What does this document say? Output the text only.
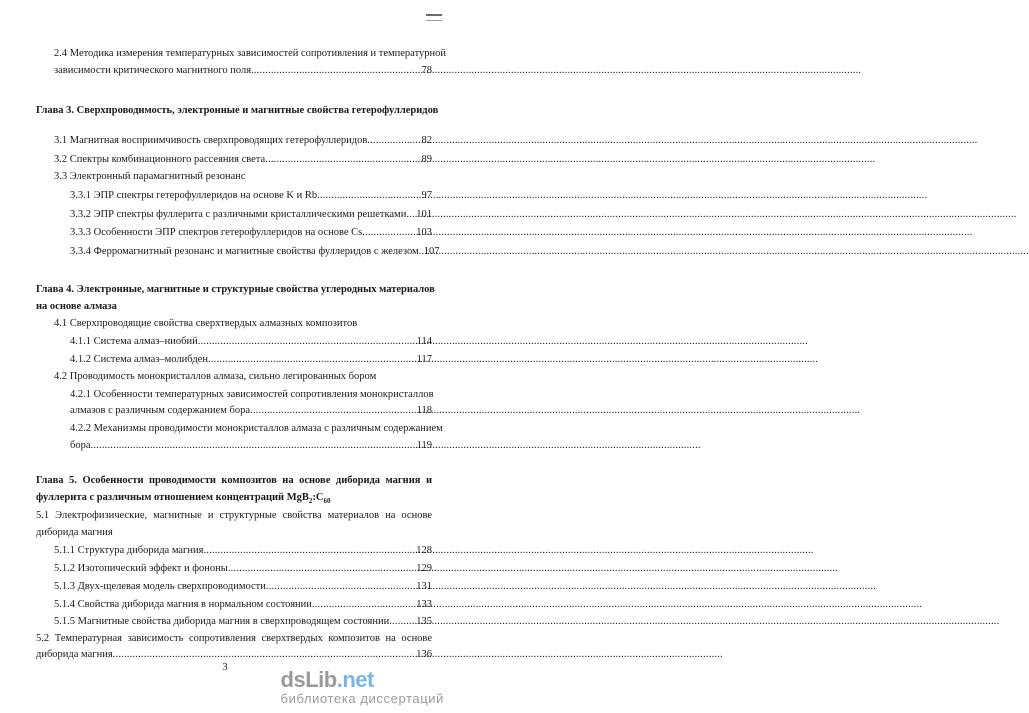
2.4 Методика измерения температурных зависимостей сопротивления и температурной
зависимости критического магнитного поля .....	78
Глава 3. Сверхпроводимость, электронные и магнитные свойства гетерофуллеридов
3.1 Магнитная восприимчивость сверхпроводящих гетерофуллеридов .....	82
3.2 Спектры комбинационного рассеяния света .....	89
3.3 Электронный парамагнитный резонанс
3.3.1 ЭПР спектры гетерофуллеридов на основе K и Rb .....	97
3.3.2 ЭПР спектры фуллерита с различными кристаллическими решетками ..... 101
3.3.3 Особенности ЭПР спектров гетерофуллеридов на основе Cs .....	103
3.3.4 Ферромагнитный резонанс и магнитные свойства фуллеридов с железом ..... 107
Глава 4. Электронные, магнитные и структурные свойства углеродных материалов
на основе алмаза
4.1 Сверхпроводящие свойства сверхтвердых алмазных композитов
4.1.1 Система алмаз–ниобий .....	114
4.1.2 Система алмаз–молибден .....	117
4.2 Проводимость монокристаллов алмаза, сильно легированных бором
4.2.1 Особенности температурных зависимостей сопротивления монокристаллов
алмазов с различным содержанием бора .....	118
4.2.2 Механизмы проводимости монокристаллов алмаза с различным содержанием
бора .....	119
Глава 5. Особенности проводимости композитов на основе диборида магния и
фуллерита с различным отношением концентраций $MgB_2:C_{60}$
5.1 Электрофизические, магнитные и структурные свойства материалов на основе
диборида магния
5.1.1 Структура диборида магния .....	128
5.1.2 Изотопический эффект и фононы .....	129
5.1.3 Двух-щелевая модель сверхпроводимости .....	131
5.1.4 Свойства диборида магния в нормальном состоянии .....	133
5.1.5 Магнитные свойства диборида магния в сверхпроводящем состоянии .....	135
5.2 Температурная зависимость сопротивления сверхтвердых композитов на основе
диборида магния .....	136
3	dsLib.net
библиотека диссертаций
